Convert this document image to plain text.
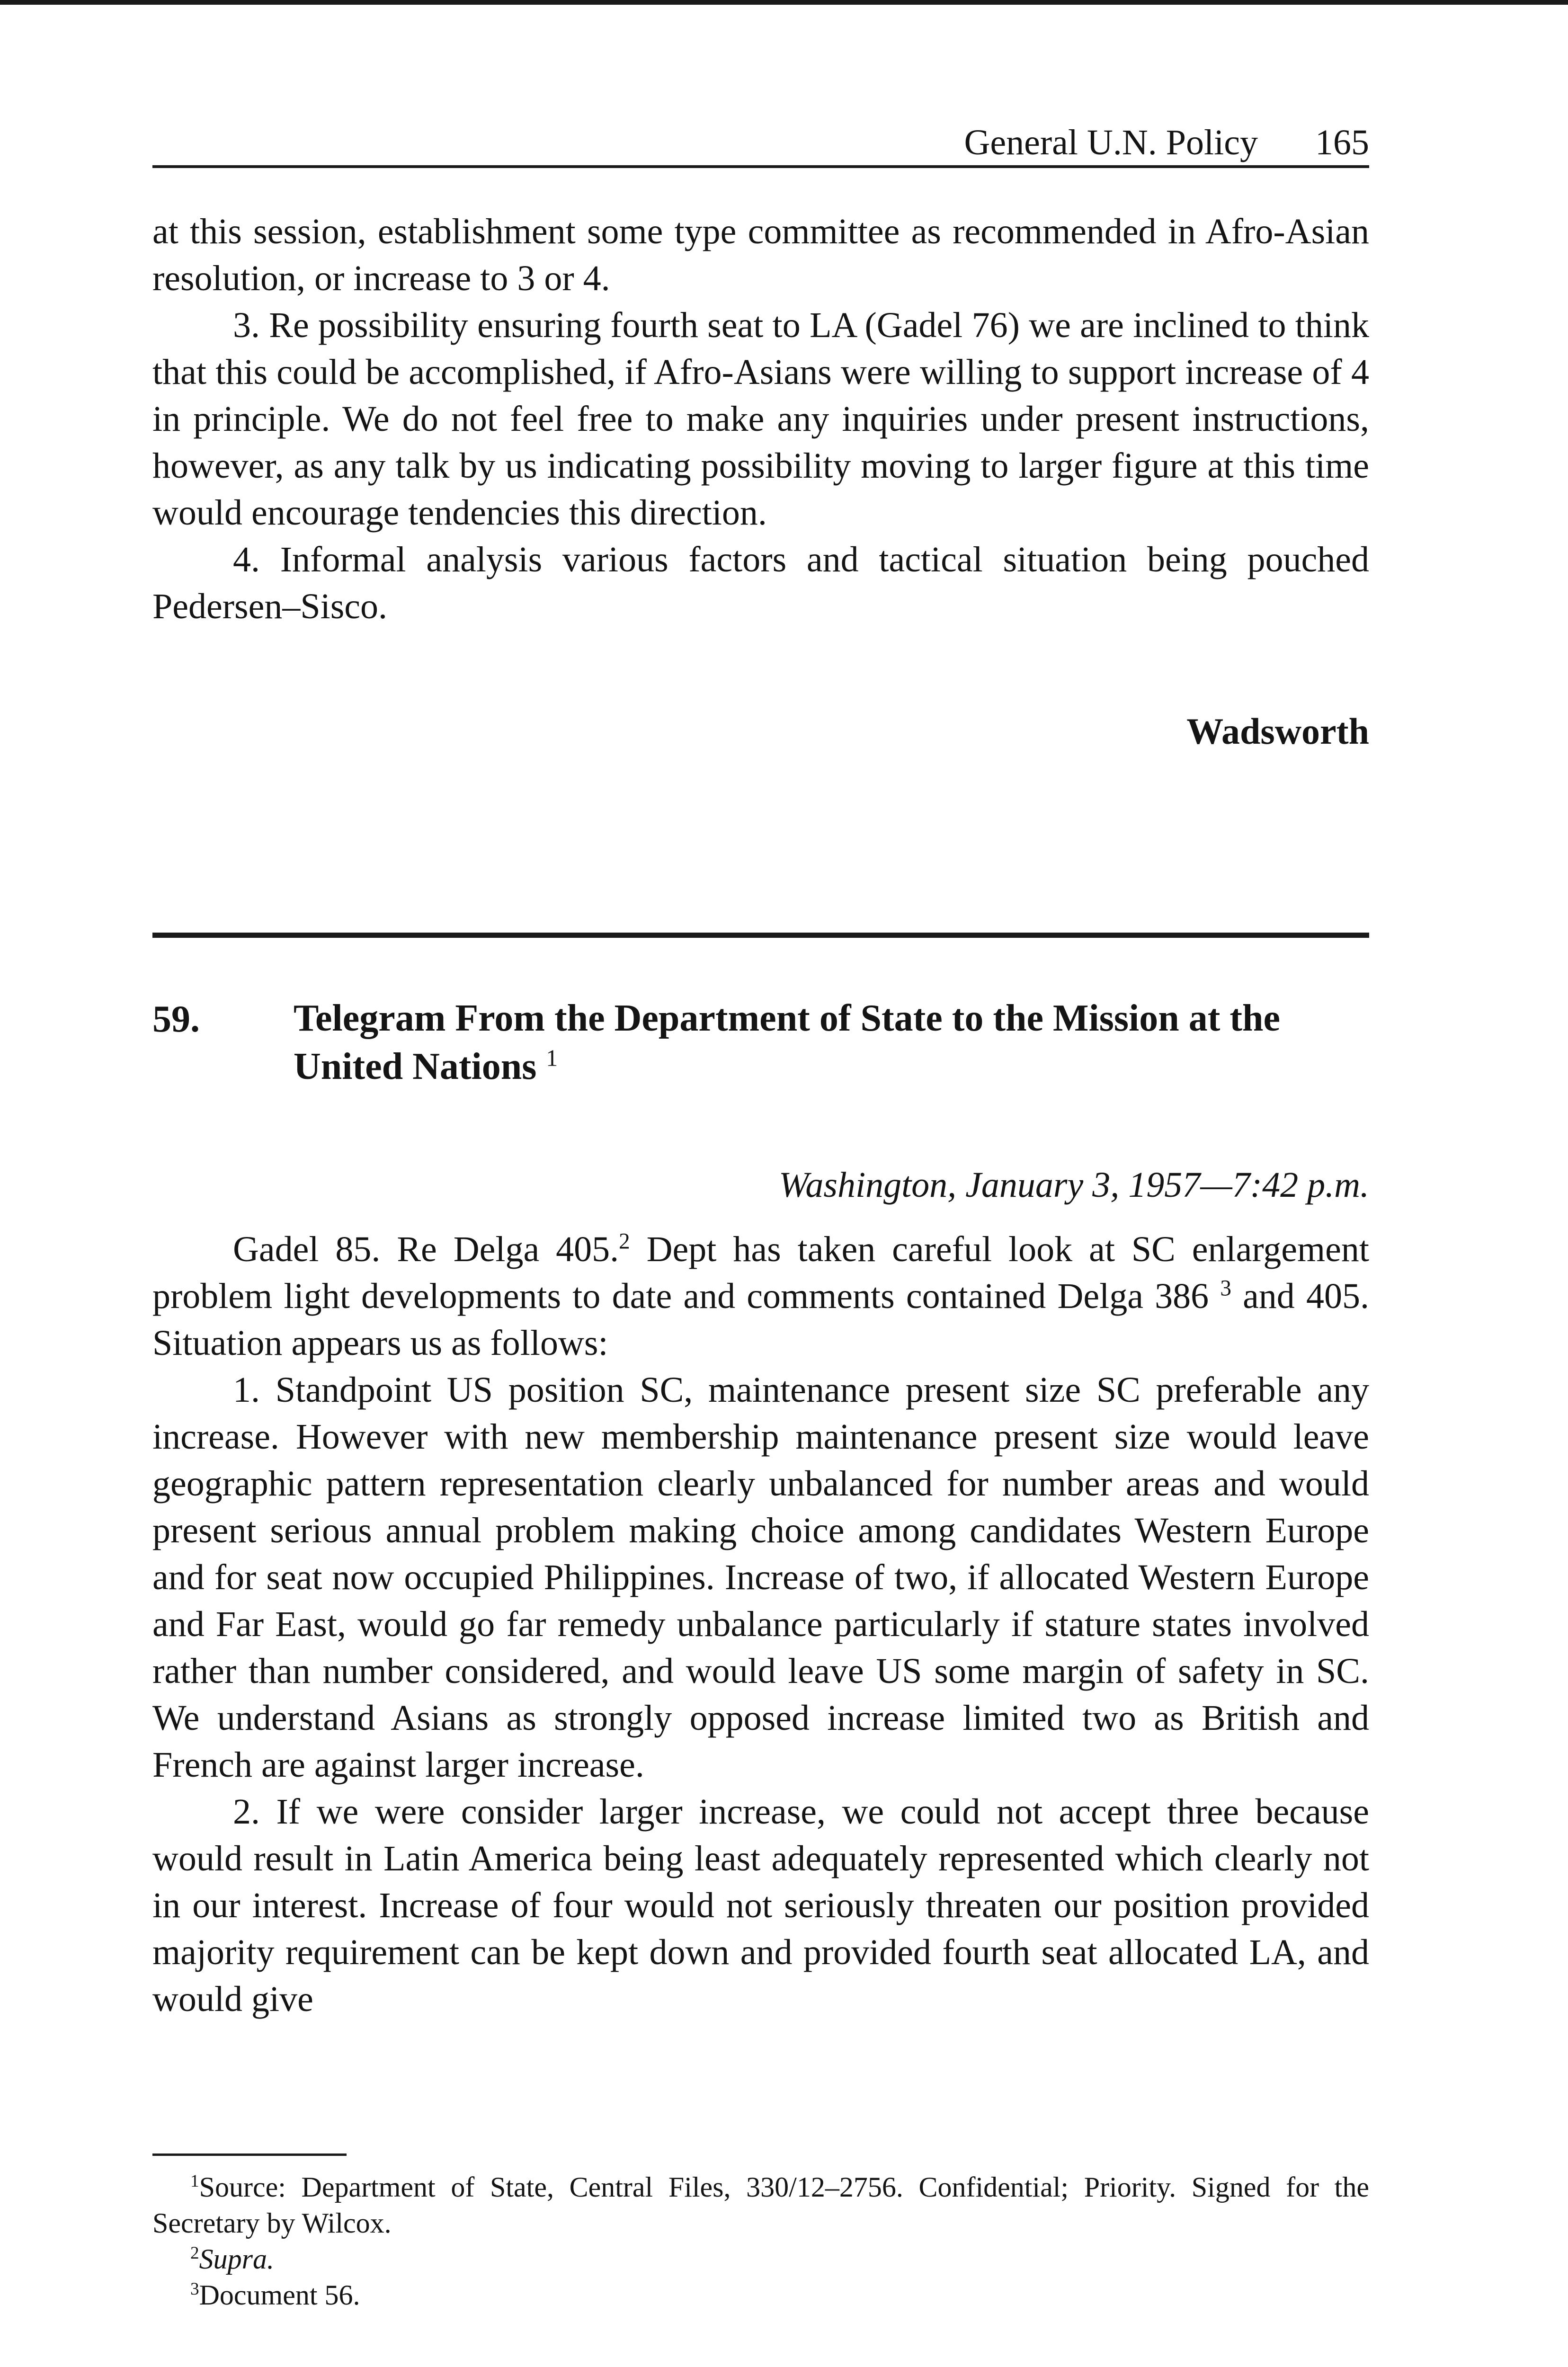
General U.N. Policy 165

at this session, establishment some type committee as recommended in Afro-Asian resolution, or increase to 3 or 4.

3. Re possibility ensuring fourth seat to LA (Gadel 76) we are inclined to think that this could be accomplished, if Afro-Asians were willing to support increase of 4 in principle. We do not feel free to make any inquiries under present instructions, however, as any talk by us indicating possibility moving to larger figure at this time would encourage tendencies this direction.

4. Informal analysis various factors and tactical situation being pouched Pedersen–Sisco.

Wadsworth
59. Telegram From the Department of State to the Mission at the United Nations $^1$
Washington, January 3, 1957—7:42 p.m.

Gadel 85. Re Delga 405.$^2$ Dept has taken careful look at SC enlargement problem light developments to date and comments contained Delga 386 $^3$ and 405. Situation appears us as follows:

1. Standpoint US position SC, maintenance present size SC preferable any increase. However with new membership maintenance present size would leave geographic pattern representation clearly unbalanced for number areas and would present serious annual problem making choice among candidates Western Europe and for seat now occupied Philippines. Increase of two, if allocated Western Europe and Far East, would go far remedy unbalance particularly if stature states involved rather than number considered, and would leave US some margin of safety in SC. We understand Asians as strongly opposed increase limited two as British and French are against larger increase.

2. If we were consider larger increase, we could not accept three because would result in Latin America being least adequately represented which clearly not in our interest. Increase of four would not seriously threaten our position provided majority requirement can be kept down and provided fourth seat allocated LA, and would give

$^1$Source: Department of State, Central Files, 330/12–2756. Confidential; Priority. Signed for the Secretary by Wilcox.

$^2$Supra.

$^3$Document 56.
